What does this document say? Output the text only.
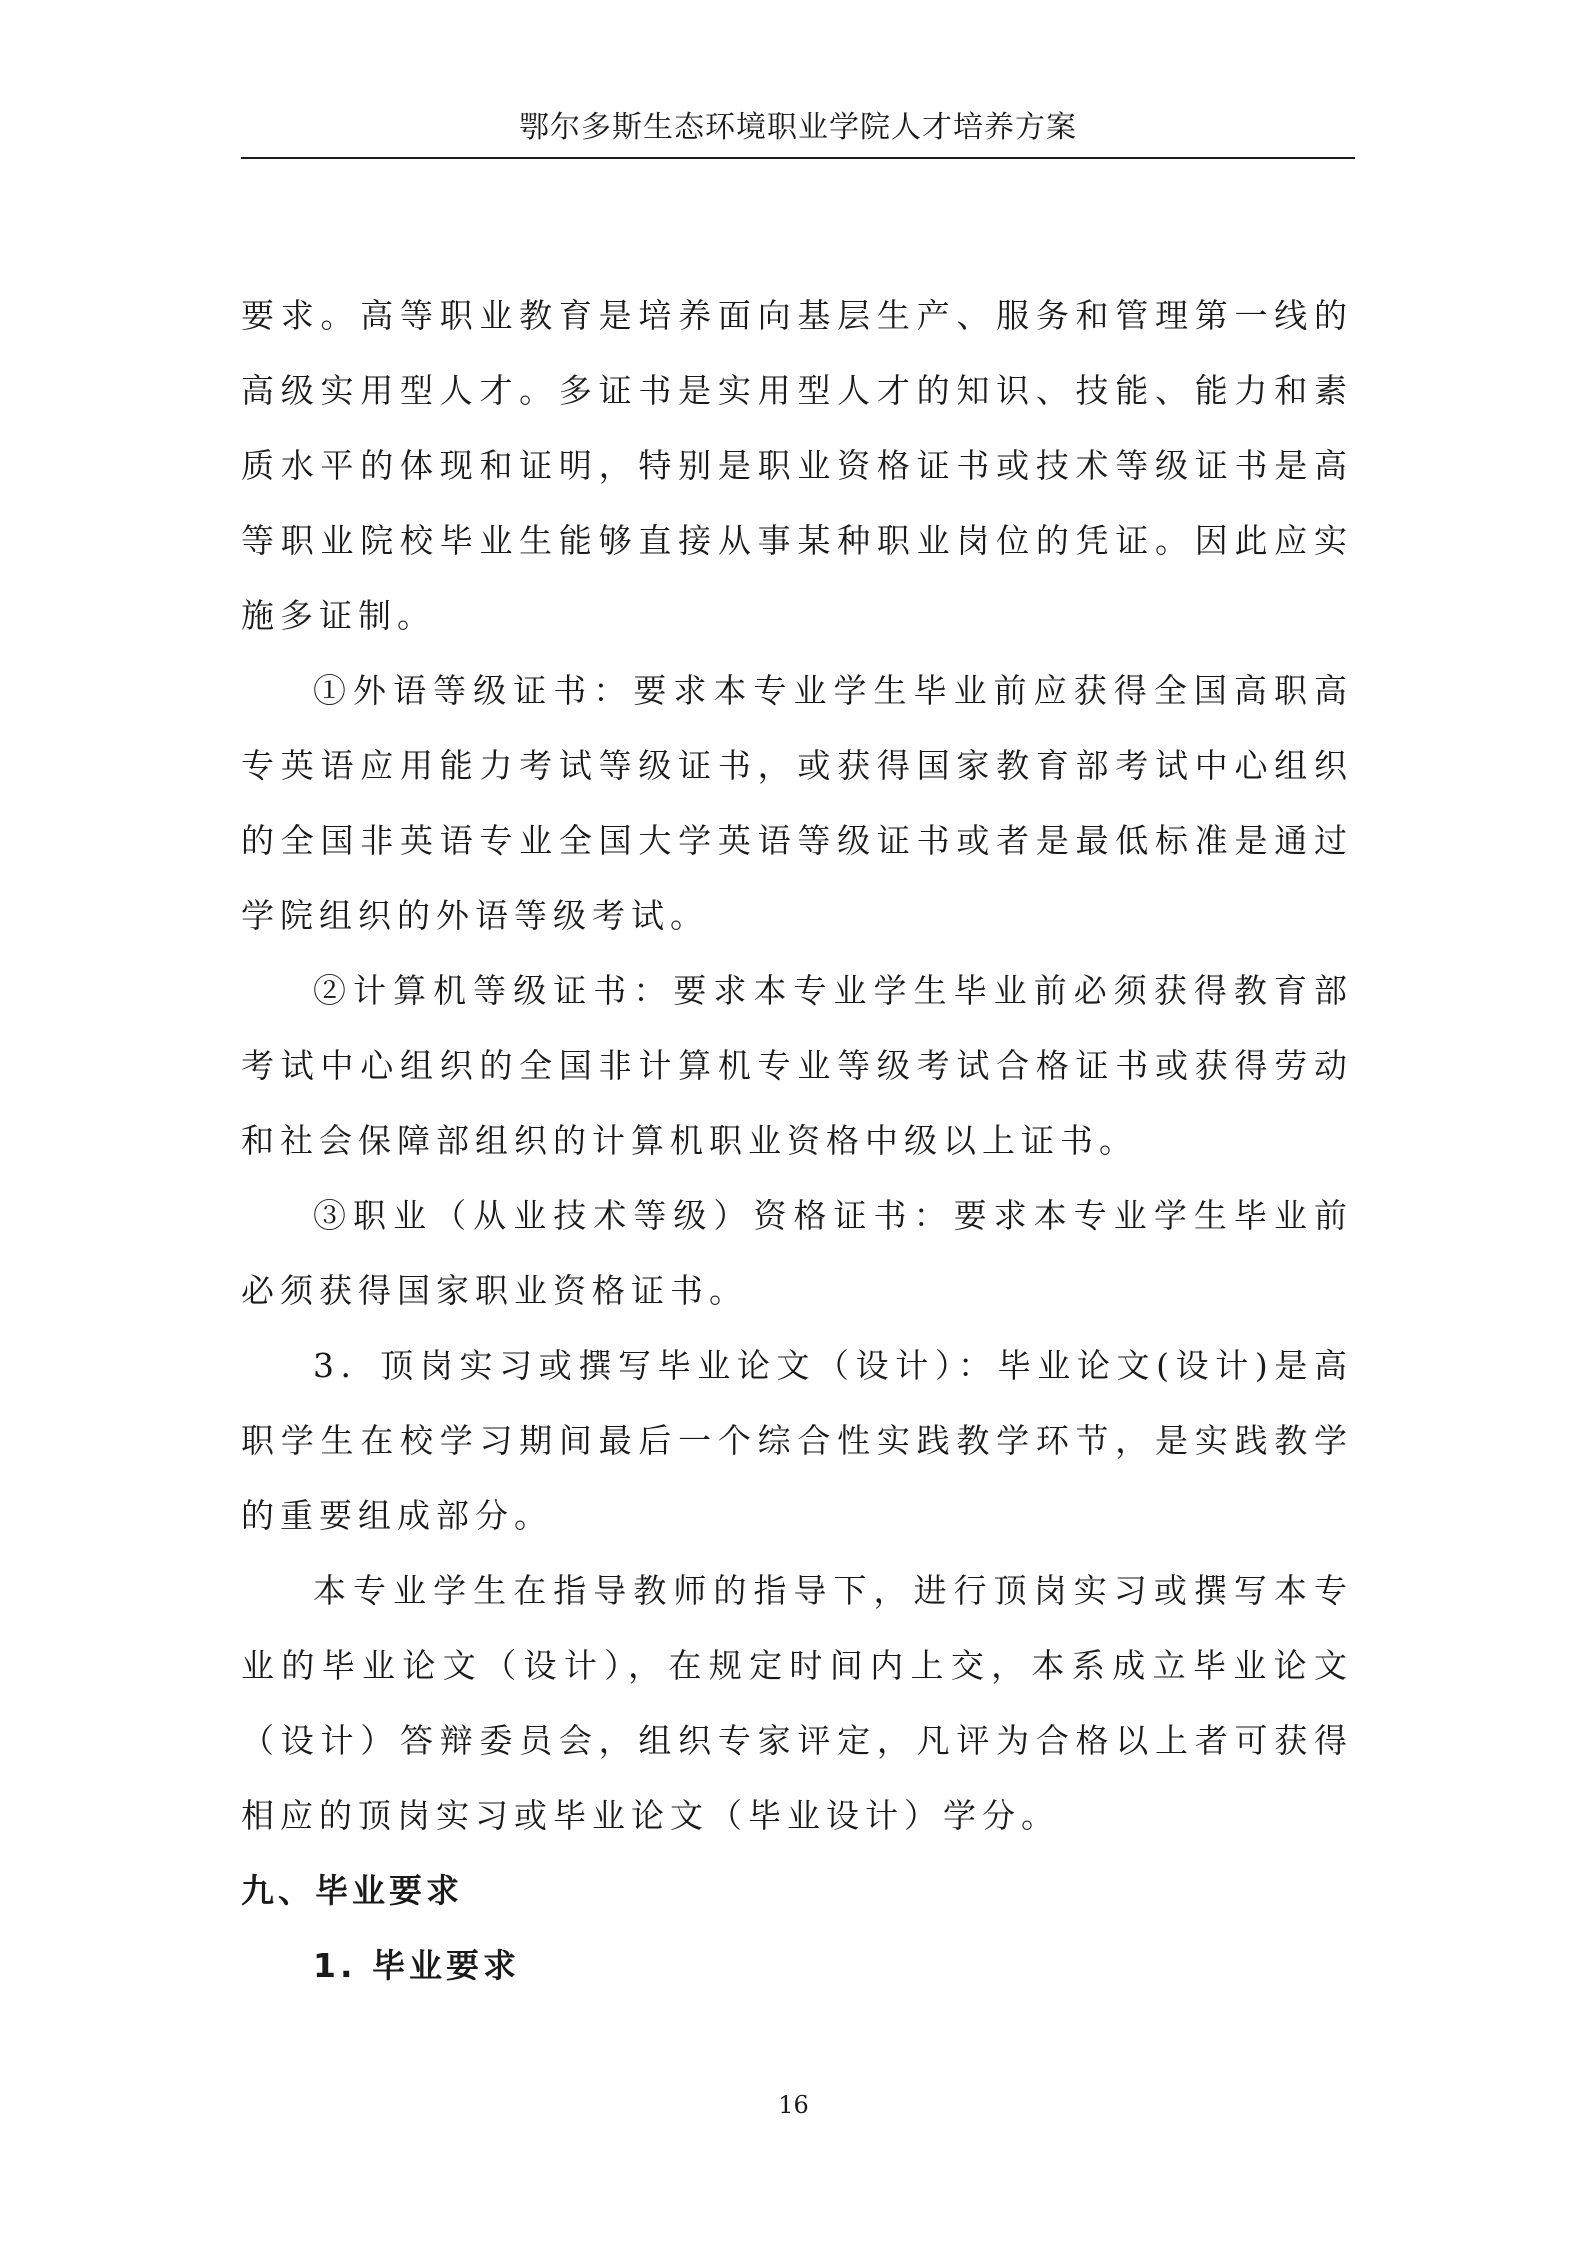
鄂尔多斯生态环境职业学院人才培养方案

要求。高等职业教育是培养面向基层生产、服务和管理第一线的高级实用型人才。多证书是实用型人才的知识、技能、能力和素质水平的体现和证明，特别是职业资格证书或技术等级证书是高等职业院校毕业生能够直接从事某种职业岗位的凭证。因此应实施多证制。

①外语等级证书：要求本专业学生毕业前应获得全国高职高专英语应用能力考试等级证书，或获得国家教育部考试中心组织的全国非英语专业全国大学英语等级证书或者是最低标准是通过学院组织的外语等级考试。

②计算机等级证书：要求本专业学生毕业前必须获得教育部考试中心组织的全国非计算机专业等级考试合格证书或获得劳动和社会保障部组织的计算机职业资格中级以上证书。

③职业（从业技术等级）资格证书：要求本专业学生毕业前必须获得国家职业资格证书。

3．顶岗实习或撰写毕业论文（设计）：毕业论文(设计)是高职学生在校学习期间最后一个综合性实践教学环节，是实践教学的重要组成部分。

本专业学生在指导教师的指导下，进行顶岗实习或撰写本专业的毕业论文（设计），在规定时间内上交，本系成立毕业论文（设计）答辩委员会，组织专家评定，凡评为合格以上者可获得相应的顶岗实习或毕业论文（毕业设计）学分。

九、毕业要求
1. 毕业要求
16
